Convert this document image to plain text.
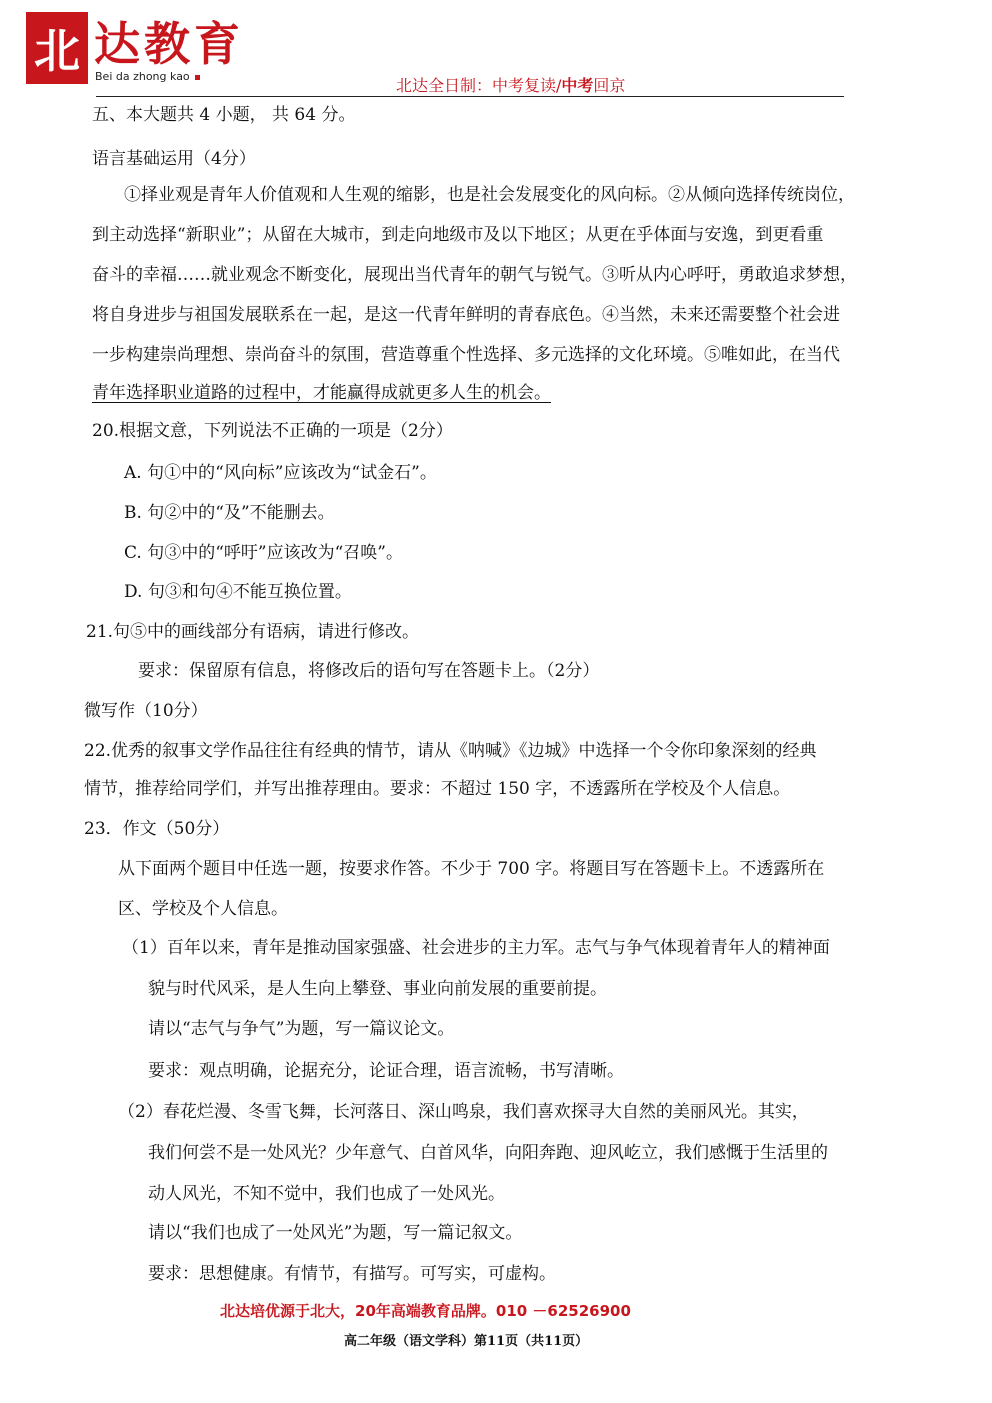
北 达教育
Bei da zhong kao	北达全日制：中考复读/中考回京
五、本大题共 4 小题， 共 64 分。
语言基础运用（4分）
①择业观是青年人价值观和人生观的缩影，也是社会发展变化的风向标。②从倾向选择传统岗位，
到主动选择“新职业”；从留在大城市，到走向地级市及以下地区；从更在乎体面与安逸，到更看重
奋斗的幸福……就业观念不断变化，展现出当代青年的朝气与锐气。③听从内心呼吁，勇敢追求梦想，
将自身进步与祖国发展联系在一起，是这一代青年鲜明的青春底色。④当然，未来还需要整个社会进
一步构建崇尚理想、崇尚奋斗的氛围，营造尊重个性选择、多元选择的文化环境。⑤唯如此，在当代
青年选择职业道路的过程中，才能赢得成就更多人生的机会。
20.根据文意，下列说法不正确的一项是（2分）
A. 句①中的“风向标”应该改为“试金石”。
B. 句②中的“及”不能删去。
C. 句③中的“呼吁”应该改为“召唤”。
D. 句③和句④不能互换位置。
21.句⑤中的画线部分有语病，请进行修改。
要求：保留原有信息，将修改后的语句写在答题卡上。（2分）
微写作（10分）
22.优秀的叙事文学作品往往有经典的情节，请从《呐喊》《边城》中选择一个令你印象深刻的经典
情节，推荐给同学们，并写出推荐理由。要求：不超过 150 字，不透露所在学校及个人信息。
23．作文（50分）
从下面两个题目中任选一题，按要求作答。不少于 700 字。将题目写在答题卡上。不透露所在
区、学校及个人信息。
（1）百年以来，青年是推动国家强盛、社会进步的主力军。志气与争气体现着青年人的精神面
貌与时代风采，是人生向上攀登、事业向前发展的重要前提。
请以“志气与争气”为题，写一篇议论文。
要求：观点明确，论据充分，论证合理，语言流畅，书写清晰。
（2）春花烂漫、冬雪飞舞，长河落日、深山鸣泉，我们喜欢探寻大自然的美丽风光。其实，
我们何尝不是一处风光？少年意气、白首风华，向阳奔跑、迎风屹立，我们感慨于生活里的
动人风光，不知不觉中，我们也成了一处风光。
请以“我们也成了一处风光”为题，写一篇记叙文。
要求：思想健康。有情节，有描写。可写实，可虚构。
北达培优源于北大，20年高端教育品牌。010 －62526900
高二年级（语文学科）第11页（共11页）
